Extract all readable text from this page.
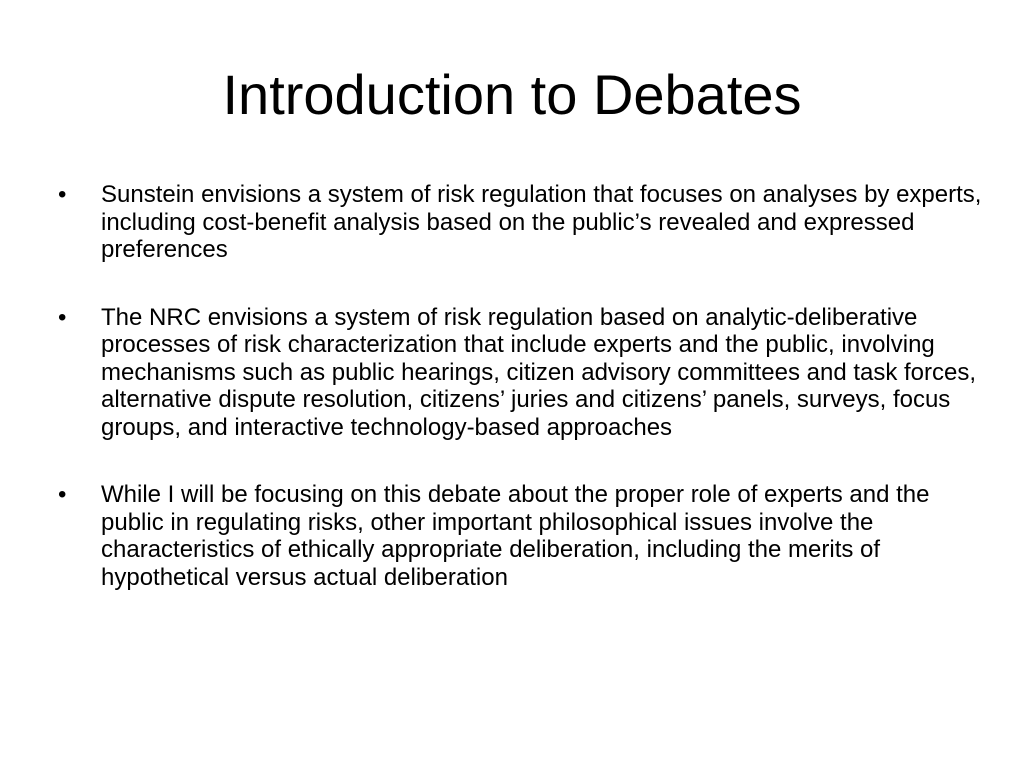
Introduction to Debates
•	Sunstein envisions a system of risk regulation that focuses on analyses by experts, including cost-benefit analysis based on the public’s revealed and expressed preferences
•	The NRC envisions a system of risk regulation based on analytic-deliberative processes of risk characterization that include experts and the public, involving mechanisms such as public hearings, citizen advisory committees and task forces, alternative dispute resolution, citizens’ juries and citizens’ panels, surveys, focus groups, and interactive technology-based approaches
•	While I will be focusing on this debate about the proper role of experts and the public in regulating risks, other important philosophical issues involve the characteristics of ethically appropriate deliberation, including the merits of hypothetical versus actual deliberation
